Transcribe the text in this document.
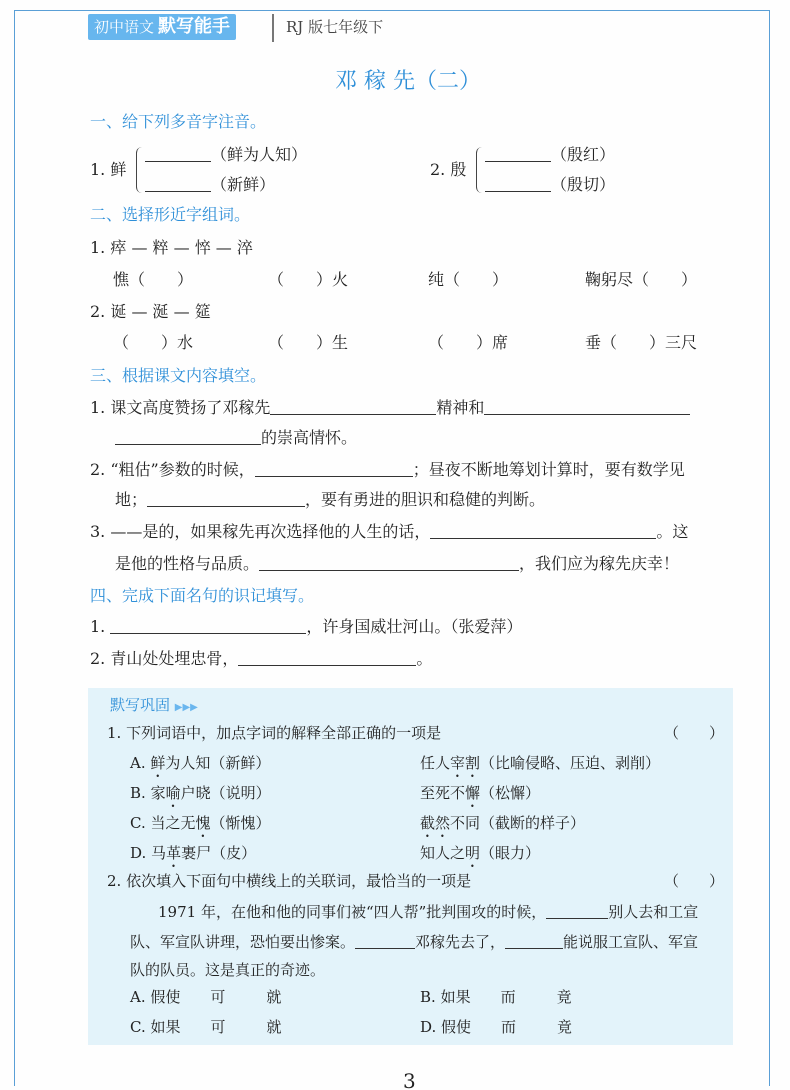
初中语文 默写能手	RJ 版七年级下
邓 稼 先（二）
一、给下列多音字注音。
1. 鲜
（鲜为人知）
（新鲜）
2. 殷
（殷红）
（殷切）
二、选择形近字组词。
1. 瘁 — 粹 — 悴 — 淬
憔（　　）	（　　）火	纯（　　）	鞠躬尽（　　）
2. 诞 — 涎 — 筵
（　　）水	（　　）生	（　　）席	垂（　　）三尺
三、根据课文内容填空。
1. 课文高度赞扬了邓稼先	精神和
的崇高情怀。
2. “粗估”参数的时候，	；昼夜不断地筹划计算时，要有数学见
地；	，要有勇进的胆识和稳健的判断。
3. ——是的，如果稼先再次选择他的人生的话，	。这
是他的性格与品质。	，我们应为稼先庆幸！
四、完成下面名句的识记填写。
1.	，许身国威壮河山。（张爱萍）
2. 青山处处埋忠骨，	。
默写巩固 ▶▶▶
1. 下列词语中，加点字词的解释全部正确的一项是	（　　）
2. 依次填入下面句中横线上的关联词，最恰当的一项是	（　　）
1971 年，在他和他的同事们被“四人帮”批判围攻的时候，	别人去和工宣
队、军宣队讲理，恐怕要出惨案。	邓稼先去了，	能说服工宣队、军宣
队的队员。这是真正的奇迹。
3
A. 鲜为人知（新鲜）	任人宰割（比喻侵略、压迫、剥削）
B. 家喻户晓（说明）	至死不懈（松懈）
C. 当之无愧（惭愧）	截然不同（截断的样子）
D. 马革裹尸（皮）	知人之明（眼力）
A. 假使 可	就	B. 如果 而	竟
C. 如果 可	就	D. 假使 而	竟
